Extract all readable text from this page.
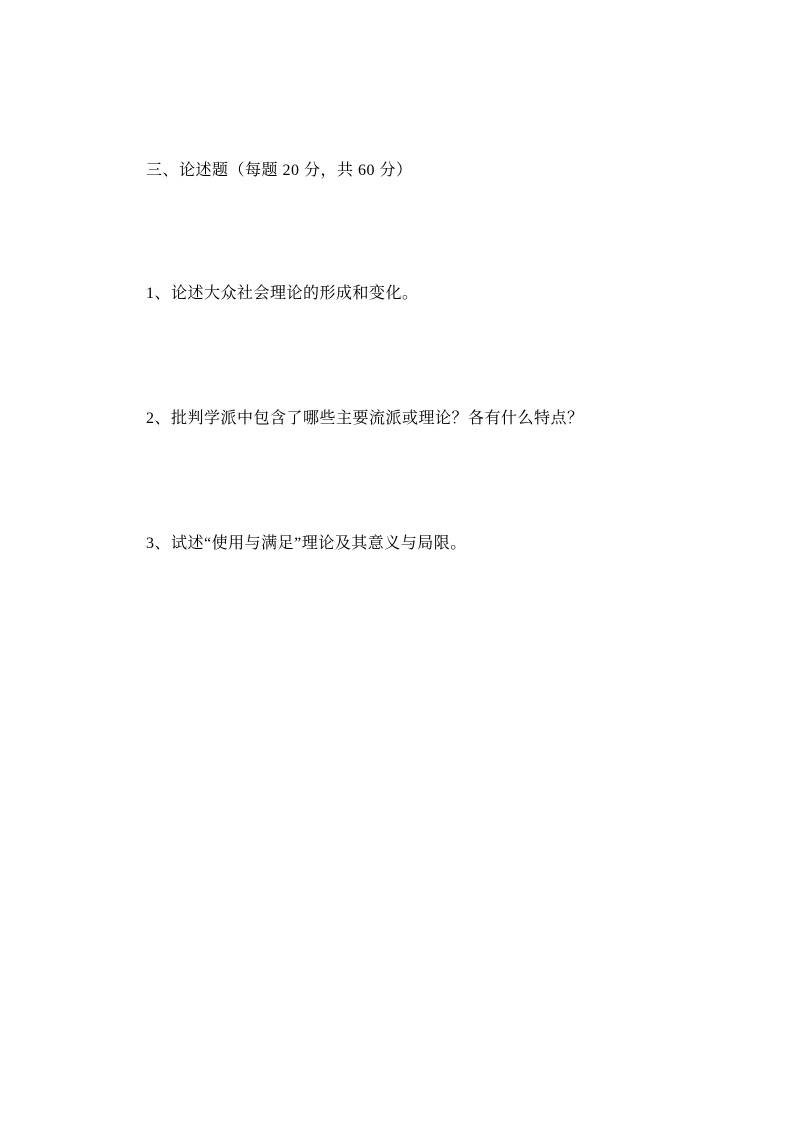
三、论述题（每题 20 分，共 60 分）
1、论述大众社会理论的形成和变化。
2、批判学派中包含了哪些主要流派或理论？各有什么特点？
3、试述“使用与满足”理论及其意义与局限。
